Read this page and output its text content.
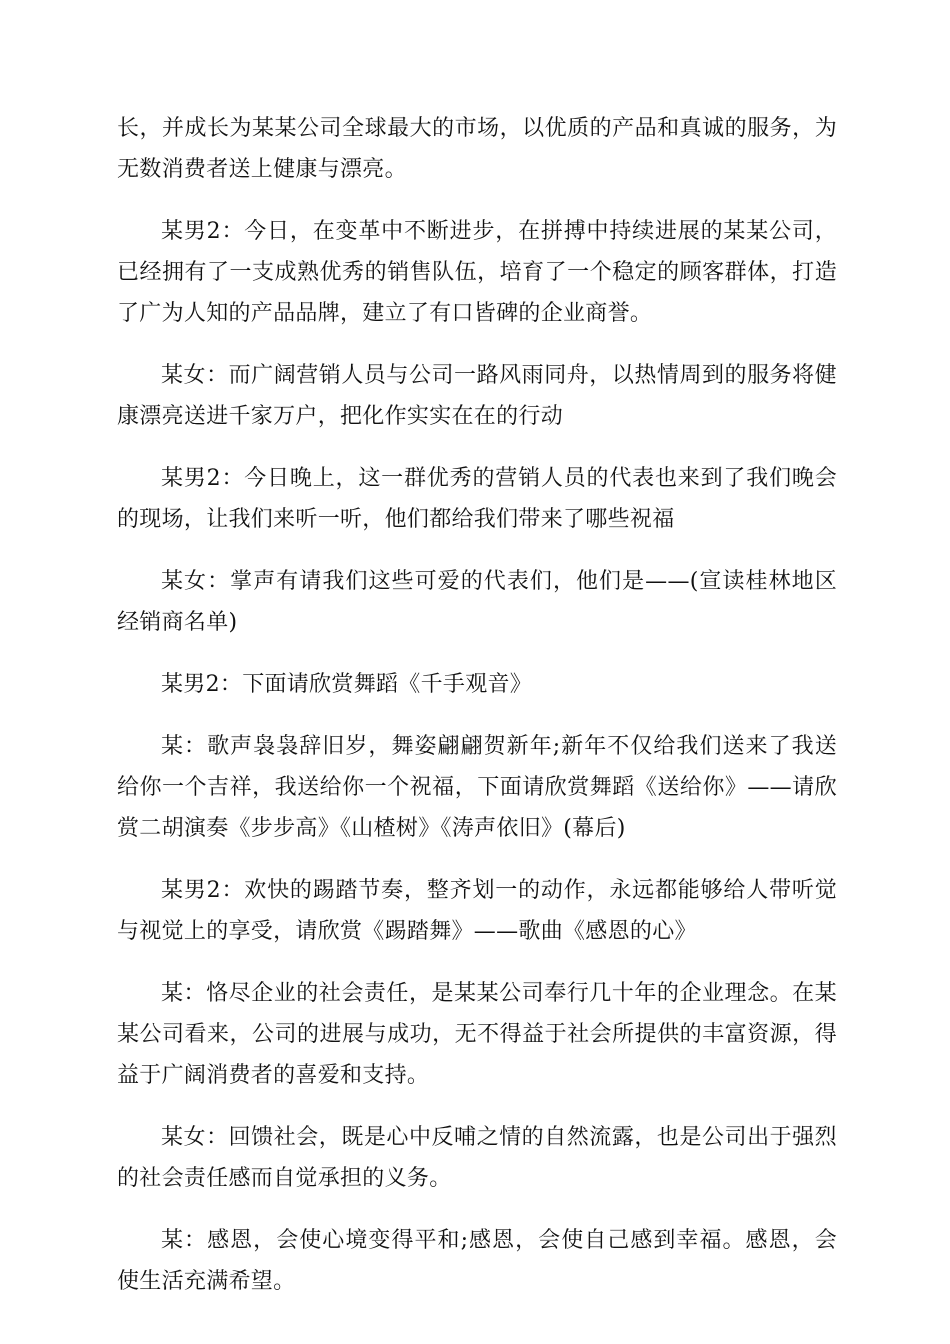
长，并成长为某某公司全球最大的市场，以优质的产品和真诚的服务，为无数消费者送上健康与漂亮。

某男2：今日，在变革中不断进步，在拼搏中持续进展的某某公司，已经拥有了一支成熟优秀的销售队伍，培育了一个稳定的顾客群体，打造了广为人知的产品品牌，建立了有口皆碑的企业商誉。

某女：而广阔营销人员与公司一路风雨同舟，以热情周到的服务将健康漂亮送进千家万户，把化作实实在在的行动

某男2：今日晚上，这一群优秀的营销人员的代表也来到了我们晚会的现场，让我们来听一听，他们都给我们带来了哪些祝福

某女：掌声有请我们这些可爱的代表们，他们是——(宣读桂林地区经销商名单)

某男2：下面请欣赏舞蹈《千手观音》

某：歌声袅袅辞旧岁，舞姿翩翩贺新年;新年不仅给我们送来了我送给你一个吉祥，我送给你一个祝福，下面请欣赏舞蹈《送给你》——请欣赏二胡演奏《步步高》《山楂树》《涛声依旧》(幕后)

某男2：欢快的踢踏节奏，整齐划一的动作，永远都能够给人带听觉与视觉上的享受，请欣赏《踢踏舞》——歌曲《感恩的心》

某：恪尽企业的社会责任，是某某公司奉行几十年的企业理念。在某某公司看来，公司的进展与成功，无不得益于社会所提供的丰富资源，得益于广阔消费者的喜爱和支持。

某女：回馈社会，既是心中反哺之情的自然流露，也是公司出于强烈的社会责任感而自觉承担的义务。

某：感恩，会使心境变得平和;感恩，会使自己感到幸福。感恩，会使生活充满希望。
